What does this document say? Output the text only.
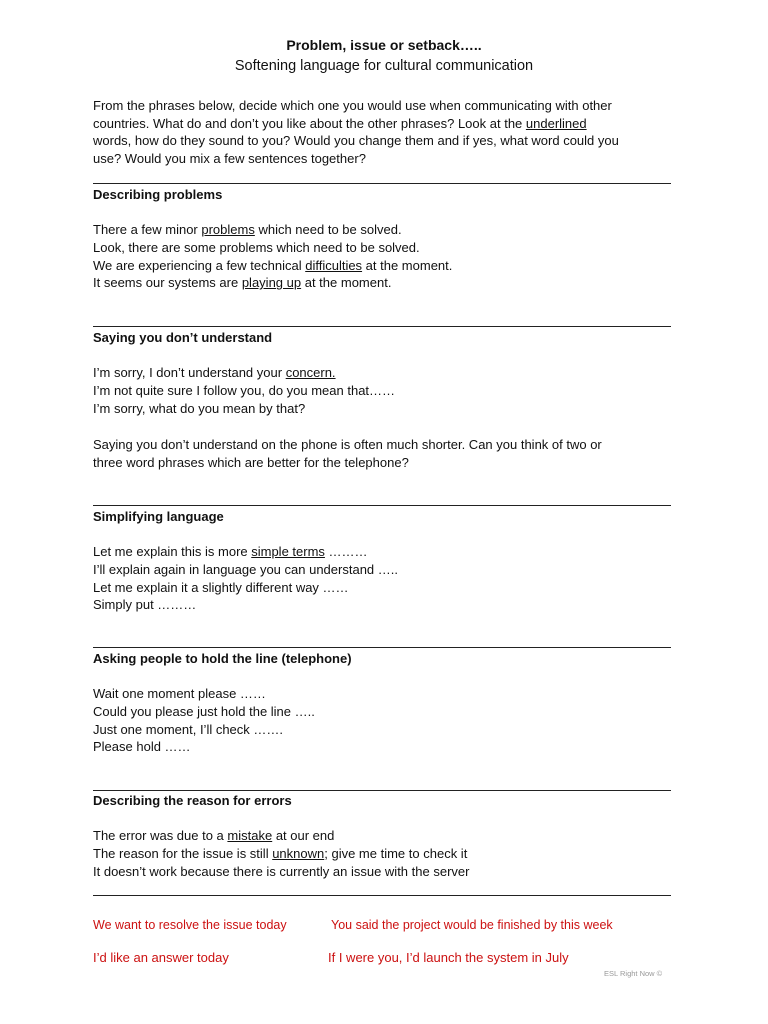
Problem, issue or setback…..
Softening language for cultural communication
From the phrases below, decide which one you would use when communicating with other
countries. What do and don’t you like about the other phrases? Look at the underlined
words, how do they sound to you? Would you change them and if yes, what word could you
use? Would you mix a few sentences together?
Describing problems
There a few minor problems which need to be solved.
Look, there are some problems which need to be solved.
We are experiencing a few technical difficulties at the moment.
It seems our systems are playing up at the moment.
Saying you don’t understand
I’m sorry, I don’t understand your concern.
I’m not quite sure I follow you, do you mean that……
I’m sorry, what do you mean by that?
Saying you don’t understand on the phone is often much shorter. Can you think of two or
three word phrases which are better for the telephone?
Simplifying language
Let me explain this is more simple terms ………
I’ll explain again in language you can understand …..
Let me explain it a slightly different way ……
Simply put ………
Asking people to hold the line (telephone)
Wait one moment please ……
Could you please just hold the line …..
Just one moment, I’ll check …….
Please hold ……
Describing the reason for errors
The error was due to a mistake at our end
The reason for the issue is still unknown; give me time to check it
It doesn’t work because there is currently an issue with the server
We want to resolve the issue today	You said the project would be finished by this week
I’d like an answer today	If I were you, I’d launch the system in July
ESL Right Now ©
